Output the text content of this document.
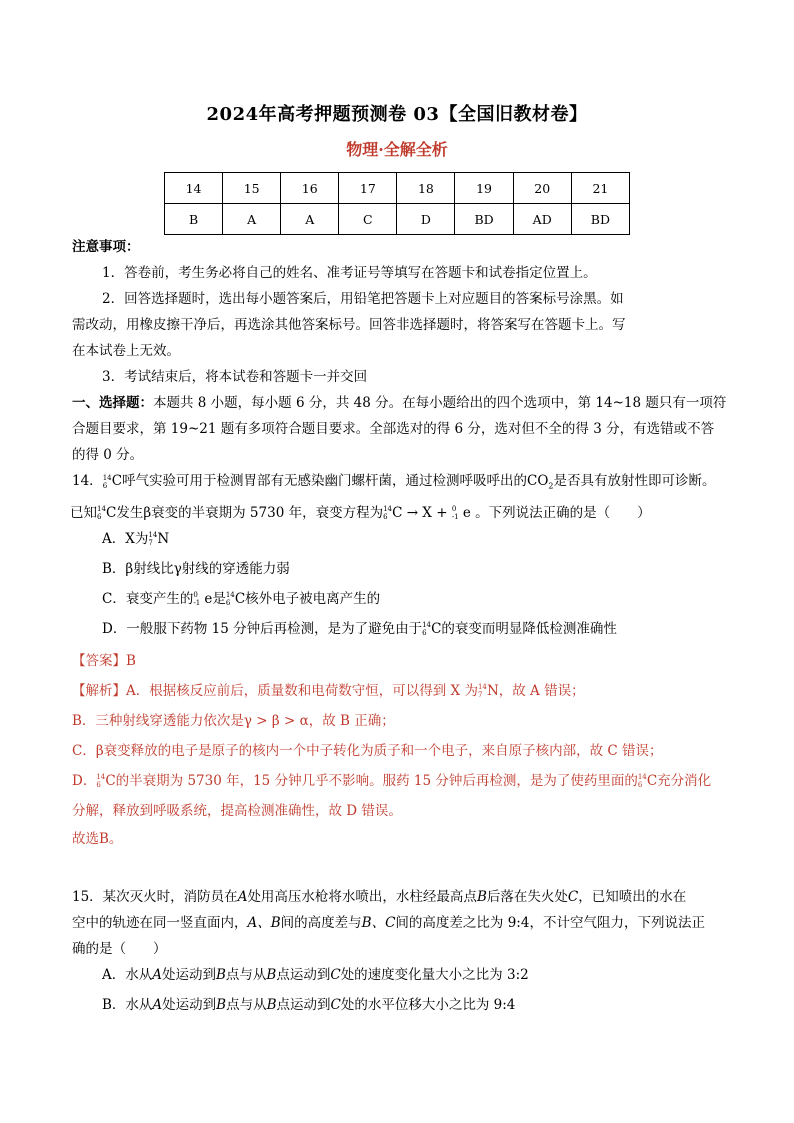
2024年高考押题预测卷 03【全国旧教材卷】
物理·全解全析
14	15	16	17	18	19	20	21
B	A	A	C	D	BD	AD	BD
注意事项：
1．答卷前，考生务必将自己的姓名、准考证号等填写在答题卡和试卷指定位置上。
2．回答选择题时，选出每小题答案后，用铅笔把答题卡上对应题目的答案标号涂黑。如
需改动，用橡皮擦干净后，再选涂其他答案标号。回答非选择题时，将答案写在答题卡上。写
在本试卷上无效。
3．考试结束后，将本试卷和答题卡一并交回
一、选择题：本题共 8 小题，每小题 6 分，共 48 分。在每小题给出的四个选项中，第 14~18 题只有一项符
合题目要求，第 19~21 题有多项符合题目要求。全部选对的得 6 分，选对但不全的得 3 分，有选错或不答
的得 0 分。
14． 14
6 C呼气实验可用于检测胃部有无感染幽门螺杆菌，通过检测呼吸呼出的$CO_2$是否具有放射性即可诊断。
已知 14
6 C发生β衰变的半衰期为 5730 年，衰变方程为 14
6 C → X + 0
-1 e 。下列说法正确的是（　　）
A．X为 14
7 N
B．β射线比γ射线的穿透能力弱
C．衰变产生的 0
-1 e是 14
6 C核外电子被电离产生的
D．一般服下药物 15 分钟后再检测，是为了避免由于 14
6 C的衰变而明显降低检测准确性
【答案】B
【解析】A．根据核反应前后，质量数和电荷数守恒，可以得到 X 为 14
7 N，故 A 错误；
B．三种射线穿透能力依次是γ > β > α，故 B 正确；
C．β衰变释放的电子是原子的核内一个中子转化为质子和一个电子，来自原子核内部，故 C 错误；
D． 14
6 C的半衰期为 5730 年，15 分钟几乎不影响。服药 15 分钟后再检测，是为了使药里面的 14
6 C充分消化
分解，释放到呼吸系统，提高检测准确性，故 D 错误。
故选B。
15．某次灭火时，消防员在A处用高压水枪将水喷出，水柱经最高点B后落在失火处C，已知喷出的水在
空中的轨迹在同一竖直面内，A、B间的高度差与B、C间的高度差之比为 9:4，不计空气阻力，下列说法正
确的是（　　）
A．水从A处运动到B点与从B点运动到C处的速度变化量大小之比为 3:2
B．水从A处运动到B点与从B点运动到C处的水平位移大小之比为 9:4
